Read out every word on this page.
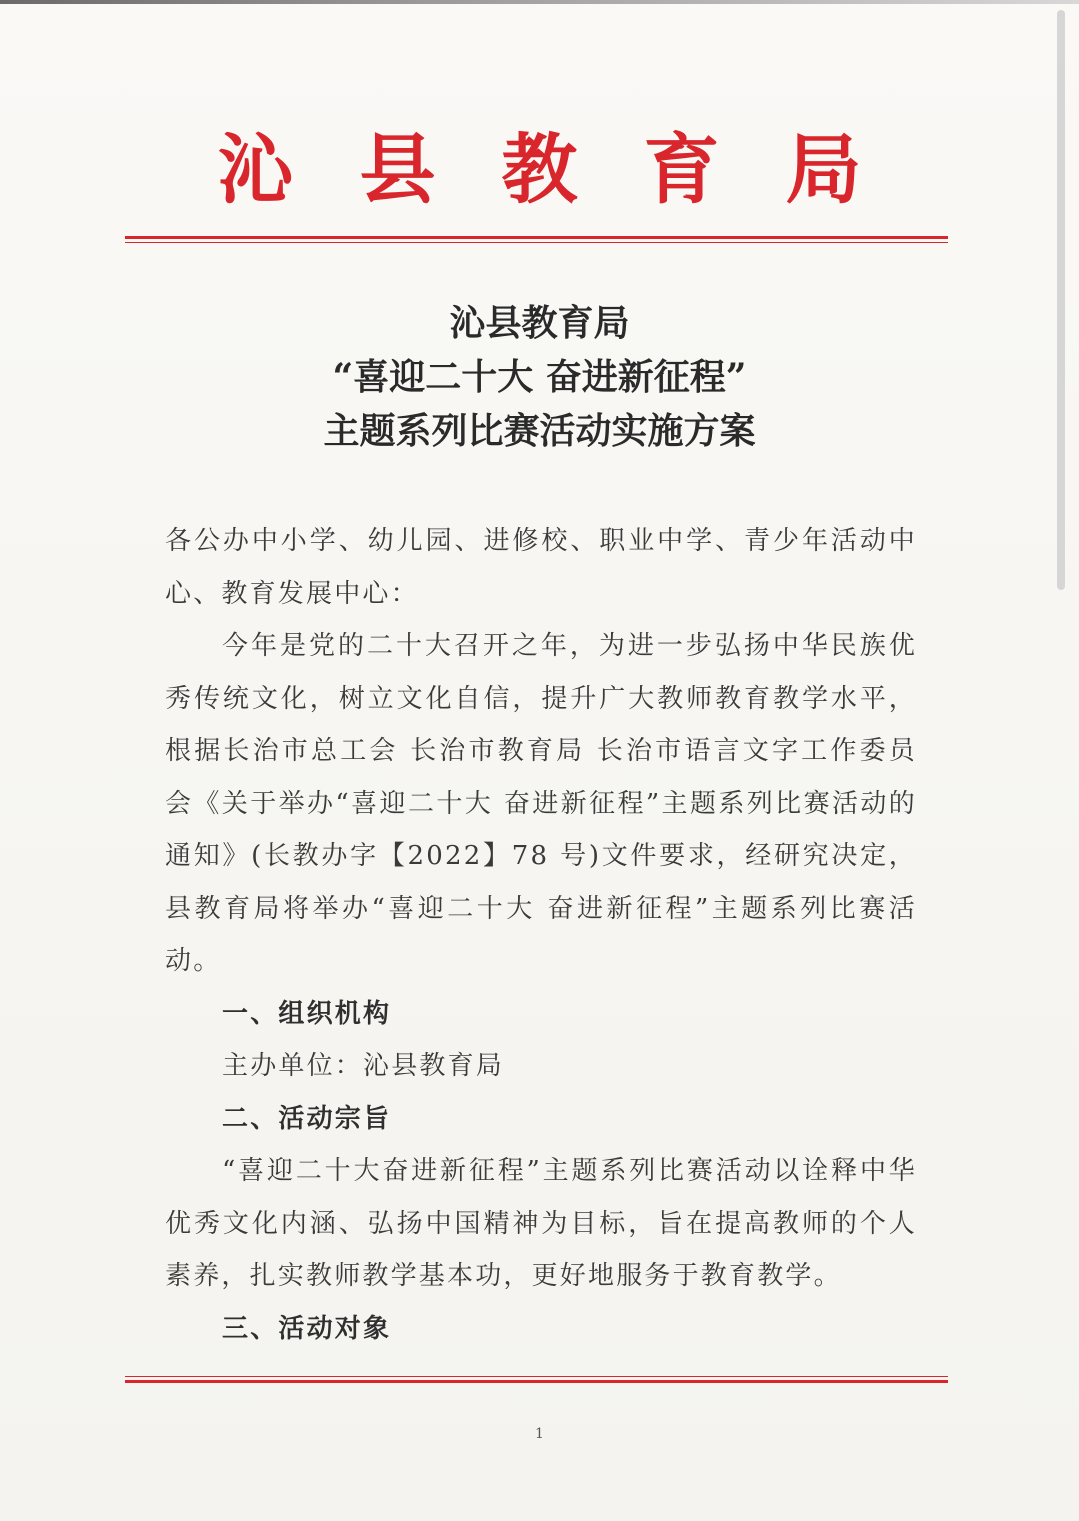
沁县教育局
沁县教育局
“喜迎二十大 奋进新征程”
主题系列比赛活动实施方案

各公办中小学、幼儿园、进修校、职业中学、青少年活动中心、教育发展中心：

今年是党的二十大召开之年，为进一步弘扬中华民族优秀传统文化，树立文化自信，提升广大教师教育教学水平，根据长治市总工会 长治市教育局 长治市语言文字工作委员会《关于举办“喜迎二十大 奋进新征程”主题系列比赛活动的通知》(长教办字【2022】78 号)文件要求，经研究决定，县教育局将举办“喜迎二十大 奋进新征程”主题系列比赛活动。

一、组织机构

主办单位：沁县教育局

二、活动宗旨

“喜迎二十大奋进新征程”主题系列比赛活动以诠释中华优秀文化内涵、弘扬中国精神为目标，旨在提高教师的个人素养，扎实教师教学基本功，更好地服务于教育教学。

三、活动对象

1
